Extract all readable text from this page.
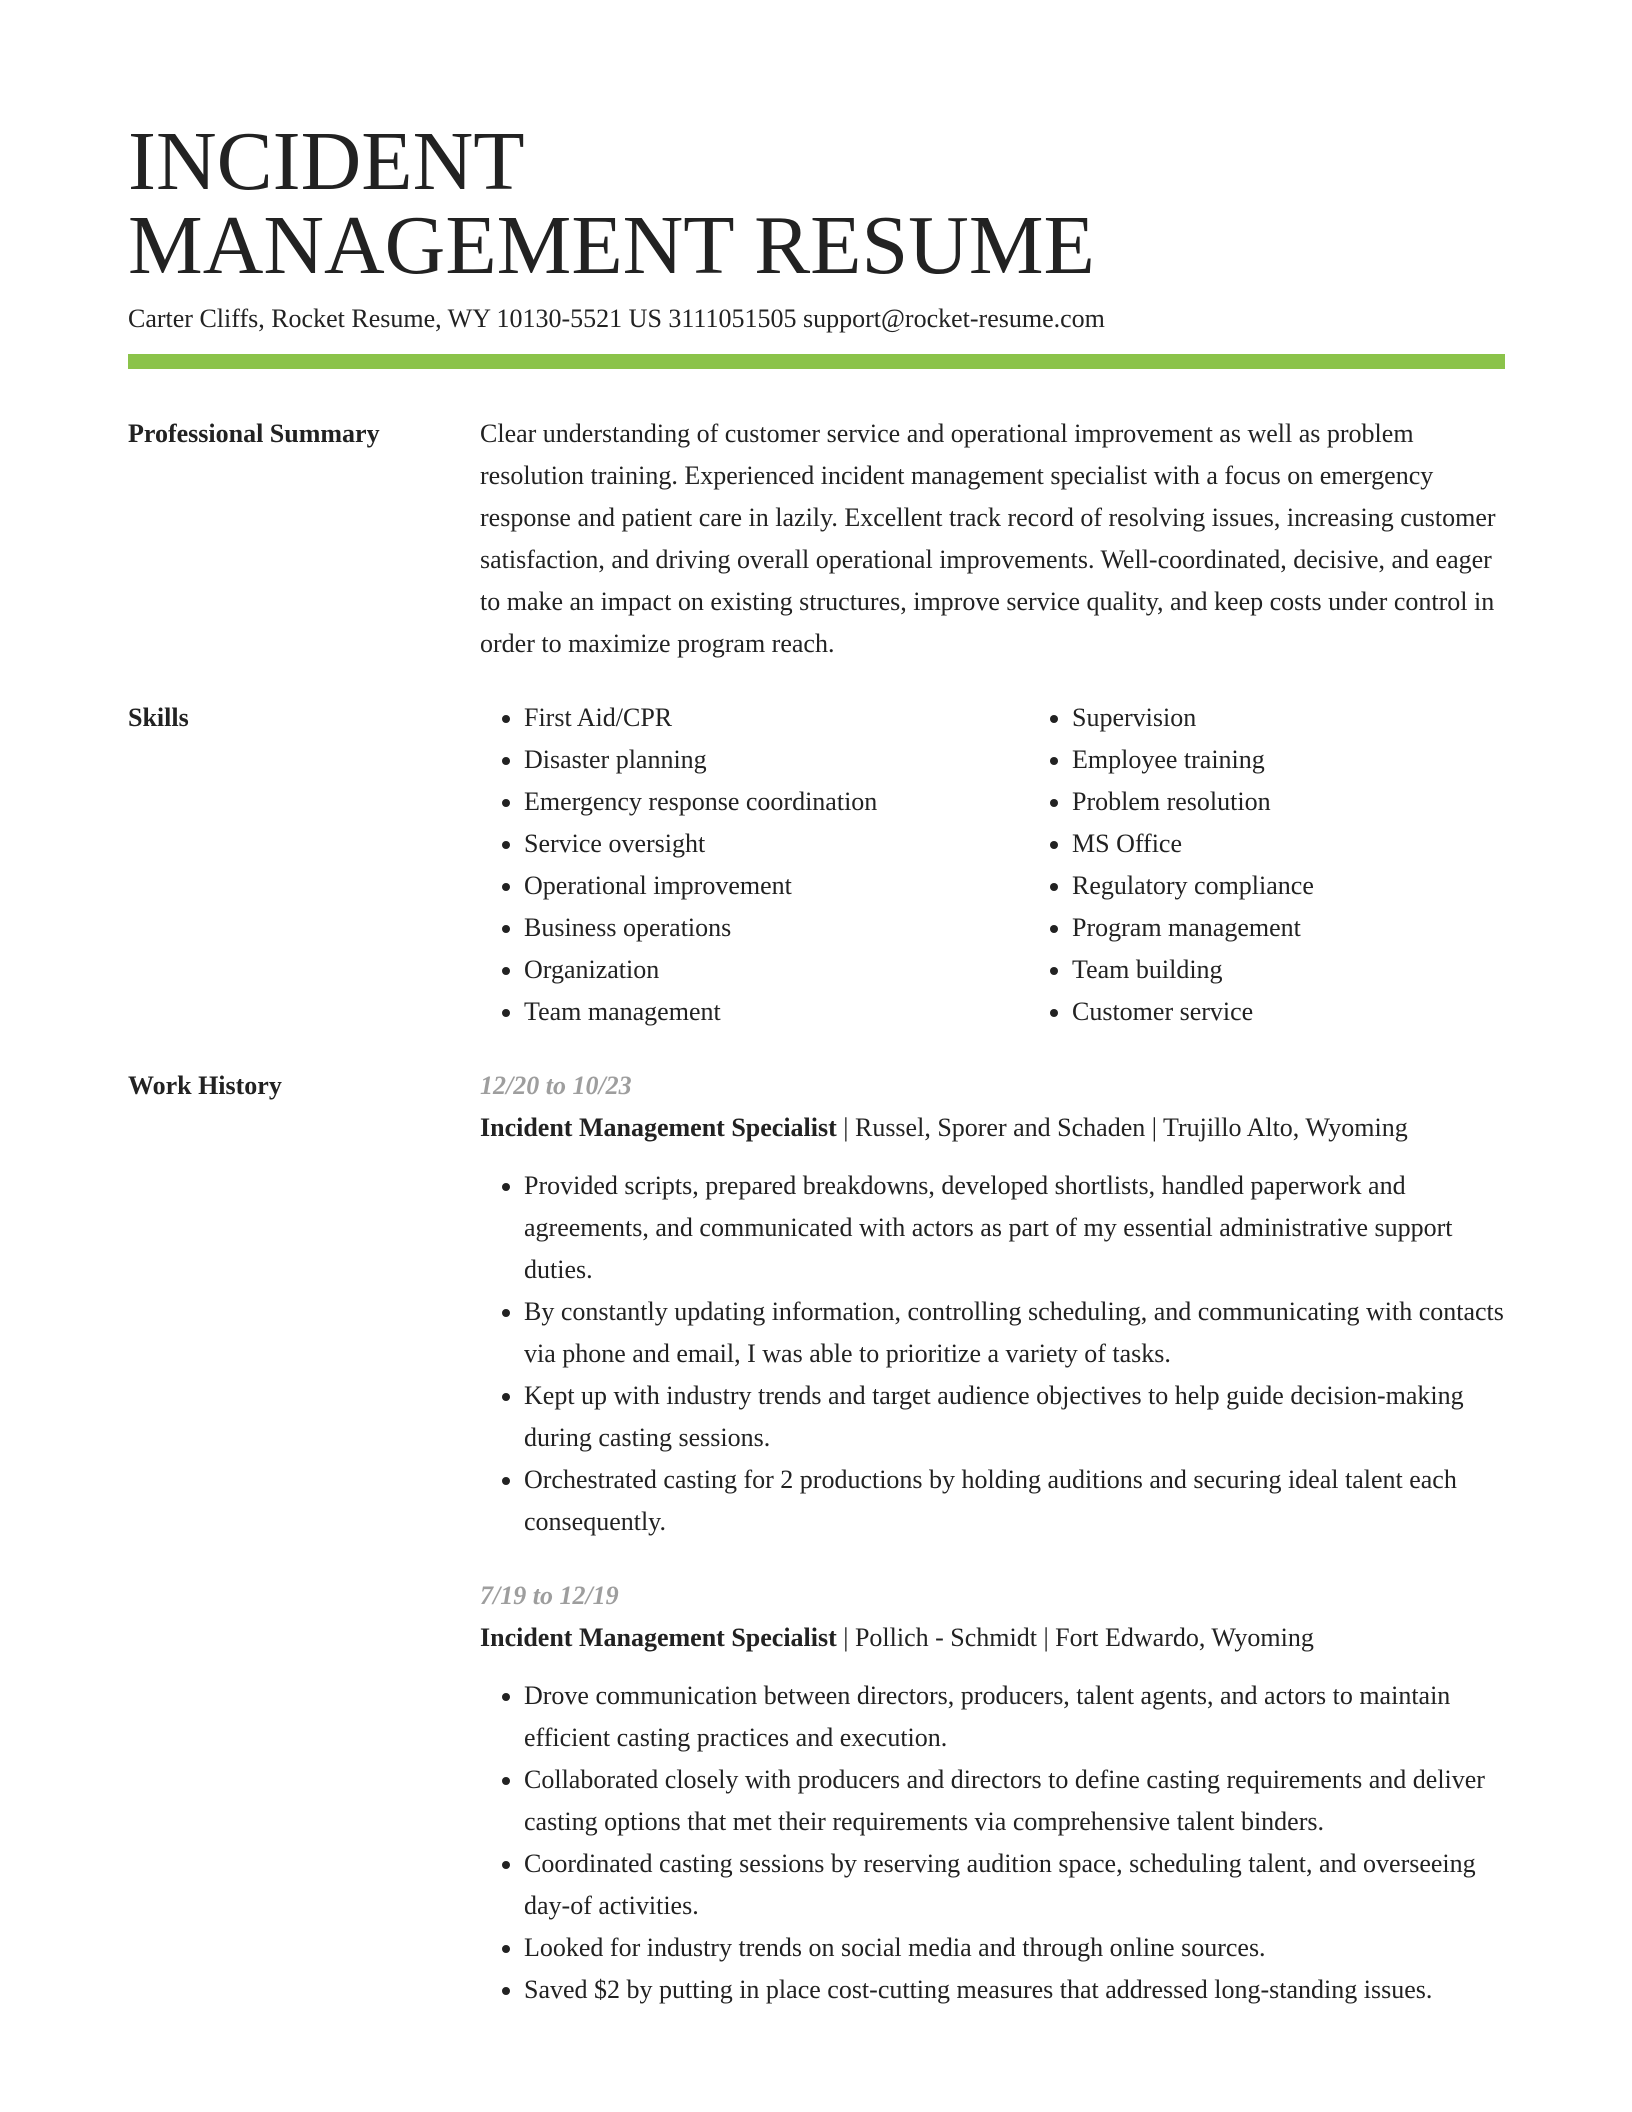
INCIDENT
MANAGEMENT RESUME
Carter Cliffs, Rocket Resume, WY 10130-5521 US 3111051505 support@rocket-resume.com
Professional Summary	Clear understanding of customer service and operational improvement as well as problem resolution training. Experienced incident management specialist with a focus on emergency response and patient care in lazily. Excellent track record of resolving issues, increasing customer satisfaction, and driving overall operational improvements. Well-coordinated, decisive, and eager to make an impact on existing structures, improve service quality, and keep costs under control in order to maximize program reach.
Skills
•	First Aid/CPR
• Disaster planning
• Emergency response coordination
• Service oversight
• Operational improvement
• Business operations
• Organization
• Team management
• Supervision
• Employee training
• Problem resolution
• MS Office
• Regulatory compliance
• Program management
• Team building
• Customer service
Work History	12/20 to 10/23
Incident Management Specialist | Russel, Sporer and Schaden | Trujillo Alto, Wyoming
• Provided scripts, prepared breakdowns, developed shortlists, handled paperwork and agreements, and communicated with actors as part of my essential administrative support duties.
• By constantly updating information, controlling scheduling, and communicating with contacts via phone and email, I was able to prioritize a variety of tasks.
• Kept up with industry trends and target audience objectives to help guide decision-making during casting sessions.
• Orchestrated casting for 2 productions by holding auditions and securing ideal talent each consequently.
7/19 to 12/19
Incident Management Specialist | Pollich - Schmidt | Fort Edwardo, Wyoming
• Drove communication between directors, producers, talent agents, and actors to maintain efficient casting practices and execution.
• Collaborated closely with producers and directors to define casting requirements and deliver casting options that met their requirements via comprehensive talent binders.
• Coordinated casting sessions by reserving audition space, scheduling talent, and overseeing day-of activities.
• Looked for industry trends on social media and through online sources.
• Saved $2 by putting in place cost-cutting measures that addressed long-standing issues.
